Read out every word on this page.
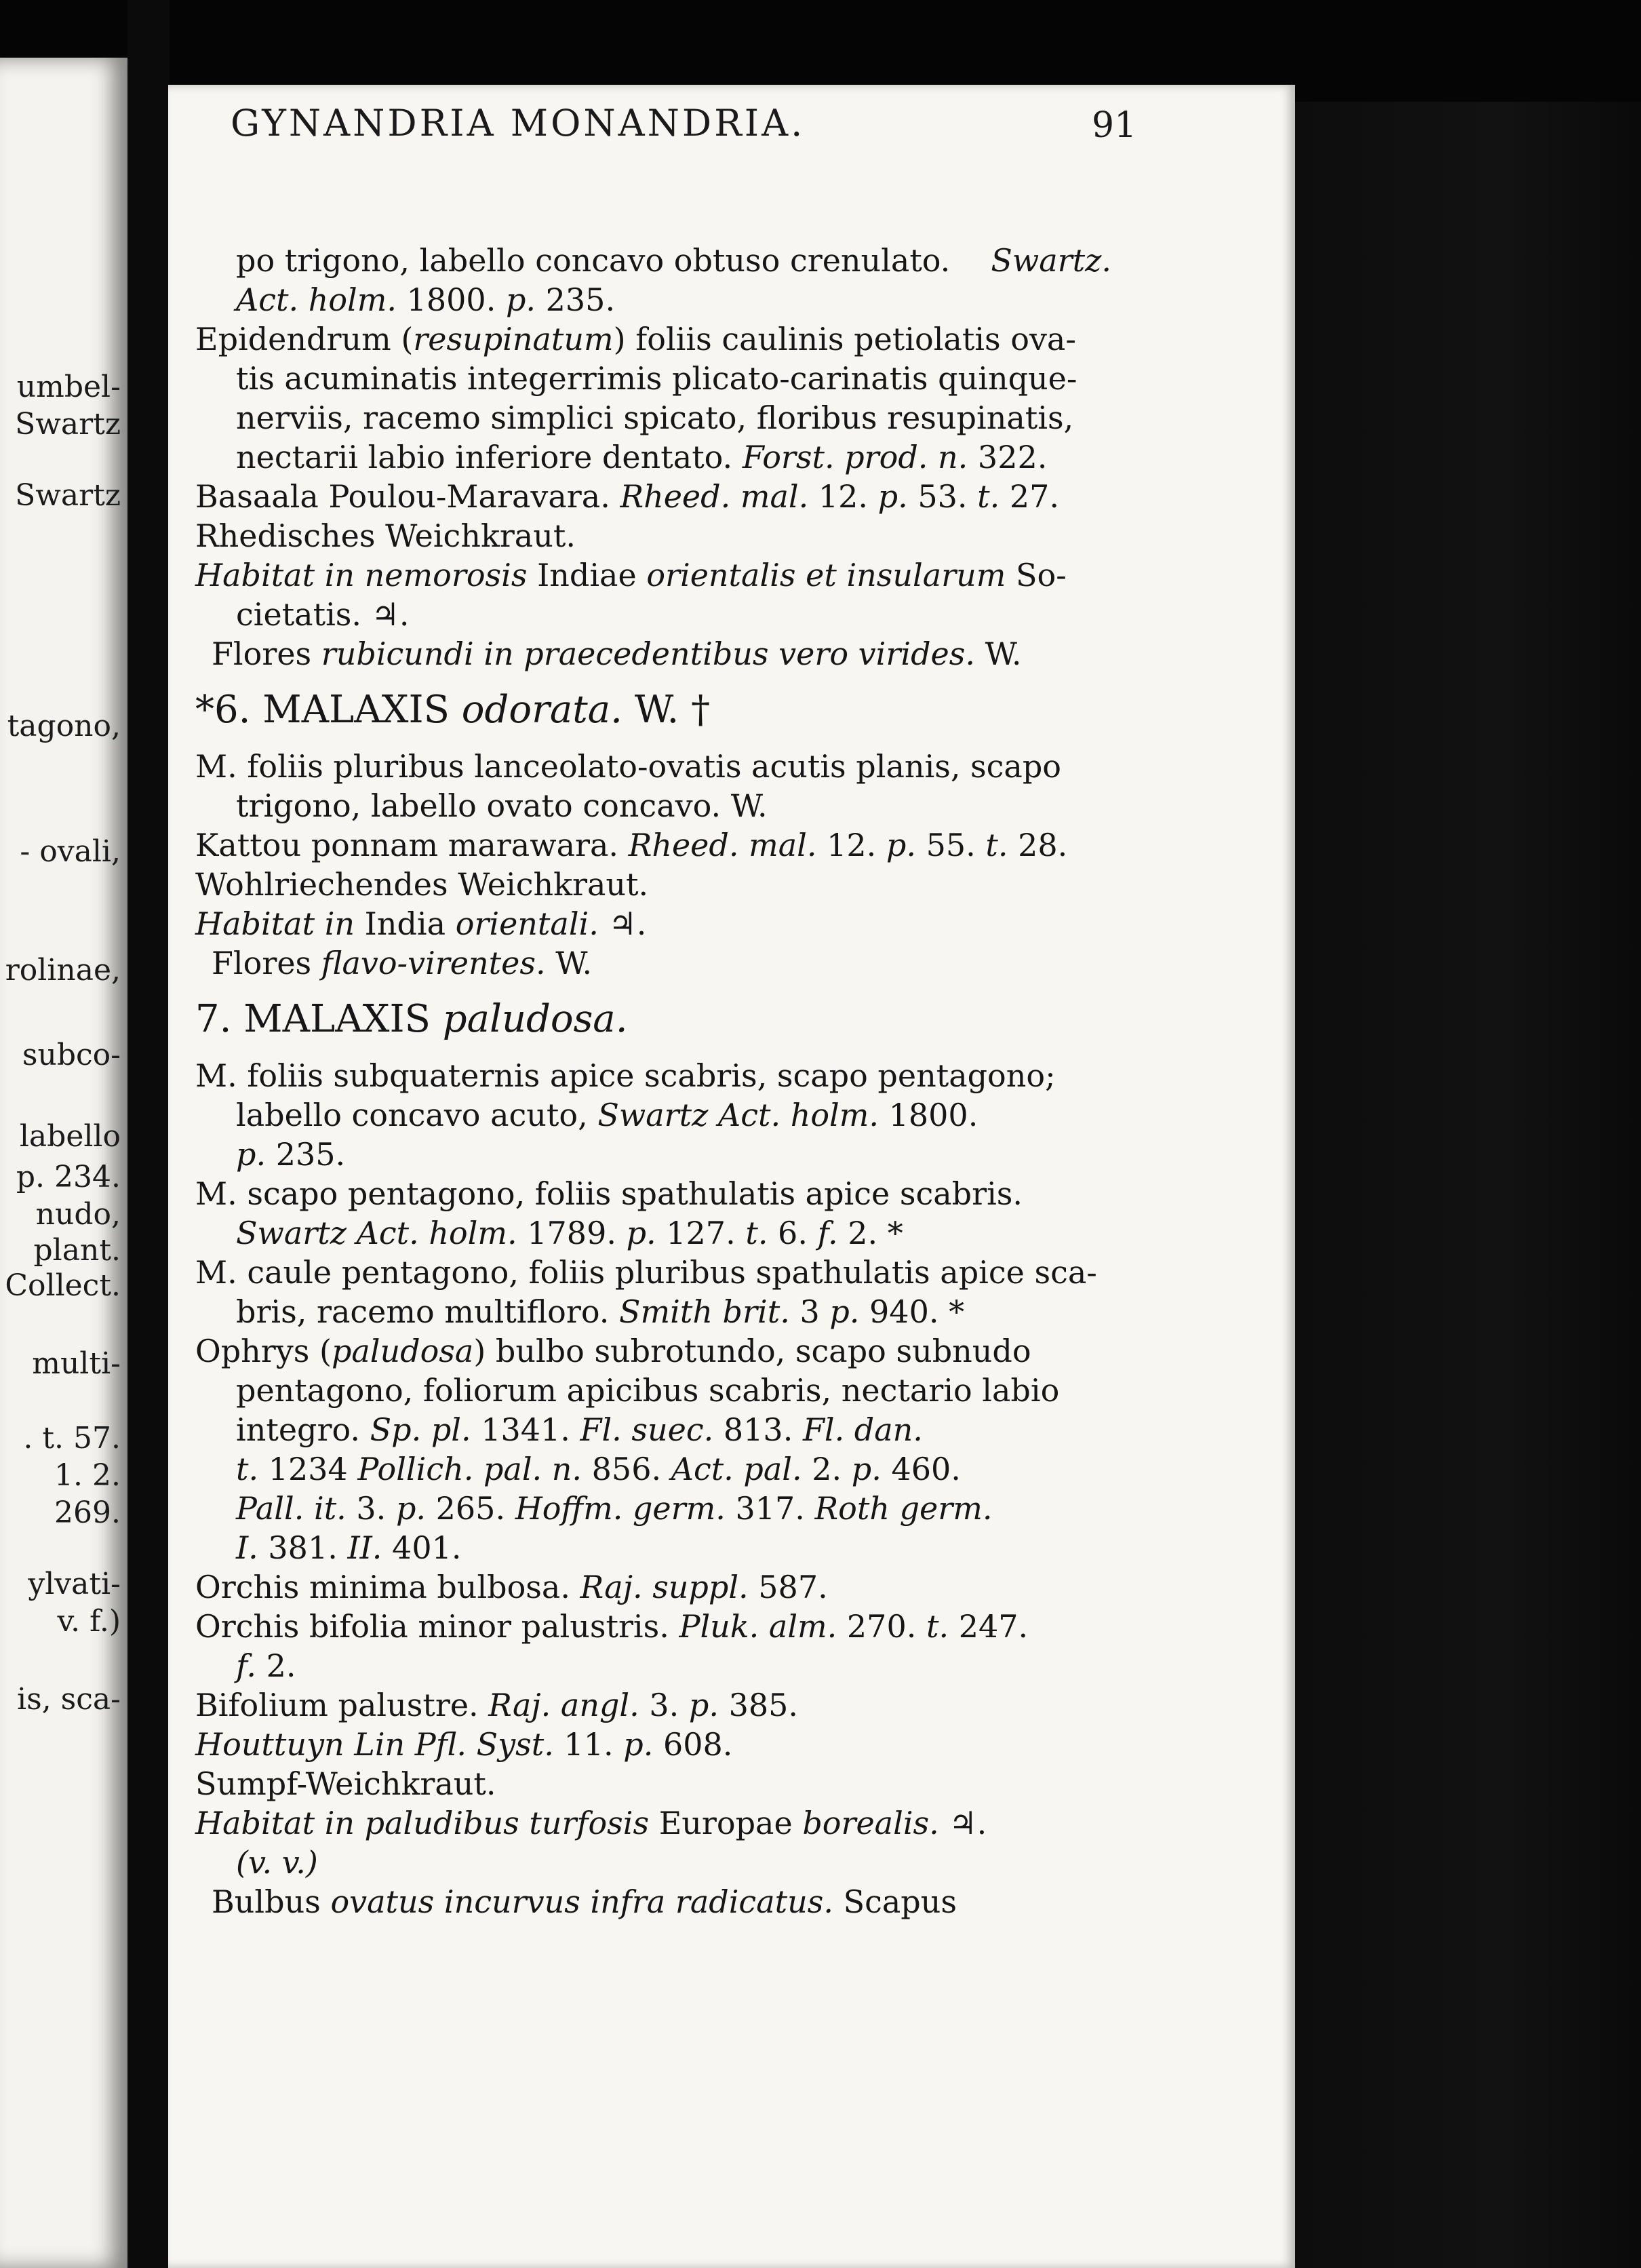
umbel-
Swartz
Swartz
tagono,
- ovali,
rolinae,
subco-
labello
p. 234.
nudo,
plant.
Collect.
multi-
. t. 57.
1. 2.
269.
ylvati-
v. f.)
is, sca-
po trigono, labello concavo obtuso crenulato. Swartz.
Act. holm. 1800. p. 235.
Epidendrum (resupinatum) foliis caulinis petiolatis ova-
tis acuminatis integerrimis plicato-carinatis quinque-
nerviis, racemo simplici spicato, floribus resupinatis,
nectarii labio inferiore dentato. Forst. prod. n. 322.
Basaala Poulou-Maravara. Rheed. mal. 12. p. 53. t. 27.
Rhedisches Weichkraut.
Habitat in nemorosis Indiae orientalis et insularum So-
cietatis. ♃.
Flores rubicundi in praecedentibus vero virides. W.
*6. MALAXIS odorata. W. †
M. foliis pluribus lanceolato-ovatis acutis planis, scapo
trigono, labello ovato concavo. W.
Kattou ponnam marawara. Rheed. mal. 12. p. 55. t. 28.
Wohlriechendes Weichkraut.
Habitat in India orientali. ♃.
Flores flavo-virentes. W.
7. MALAXIS paludosa.
M. foliis subquaternis apice scabris, scapo pentagono;
labello concavo acuto, Swartz Act. holm. 1800.
p. 235.
M. scapo pentagono, foliis spathulatis apice scabris.
Swartz Act. holm. 1789. p. 127. t. 6. f. 2. *
M. caule pentagono, foliis pluribus spathulatis apice sca-
bris, racemo multifloro. Smith brit. 3 p. 940. *
Ophrys (paludosa) bulbo subrotundo, scapo subnudo
pentagono, foliorum apicibus scabris, nectario labio
integro. Sp. pl. 1341. Fl. suec. 813. Fl. dan.
t. 1234 Pollich. pal. n. 856. Act. pal. 2. p. 460.
Pall. it. 3. p. 265. Hoffm. germ. 317. Roth germ.
I. 381. II. 401.
Orchis minima bulbosa. Raj. suppl. 587.
Orchis bifolia minor palustris. Pluk. alm. 270. t. 247.
f. 2.
Bifolium palustre. Raj. angl. 3. p. 385.
Houttuyn Lin Pfl. Syst. 11. p. 608.
Sumpf-Weichkraut.
Habitat in paludibus turfosis Europae borealis. ♃.
(v. v.)
Bulbus ovatus incurvus infra radicatus. Scapus
GYNANDRIA MONANDRIA.	91
